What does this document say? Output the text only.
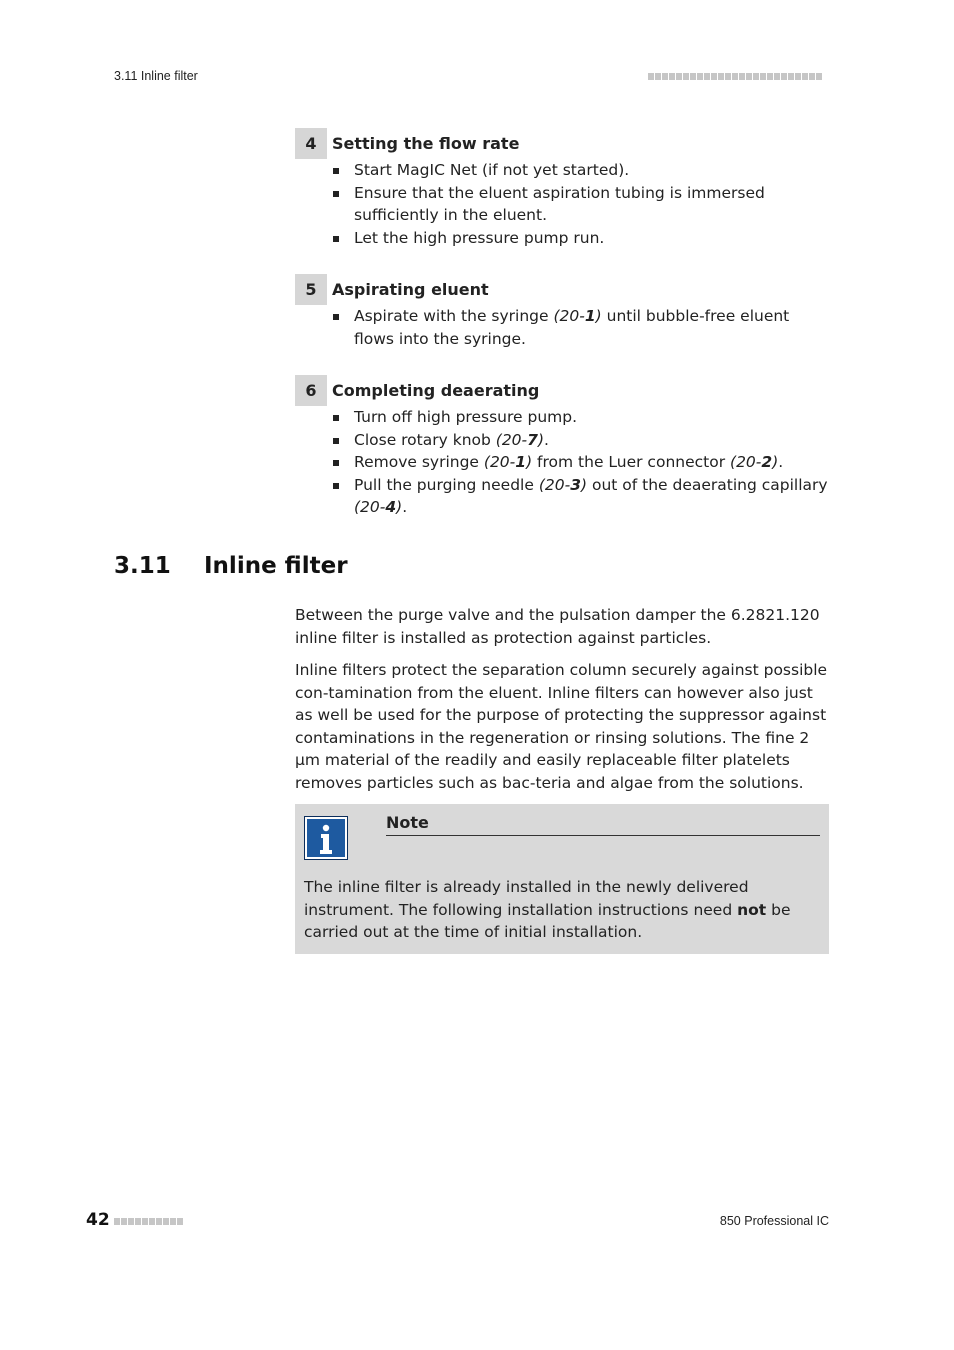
3.11 Inline filter
4 Setting the flow rate
Start MagIC Net (if not yet started).
Ensure that the eluent aspiration tubing is immersed sufficiently in the eluent.
Let the high pressure pump run.
5 Aspirating eluent
Aspirate with the syringe (20-1) until bubble-free eluent flows into the syringe.
6 Completing deaerating
Turn off high pressure pump.
Close rotary knob (20-7).
Remove syringe (20-1) from the Luer connector (20-2).
Pull the purging needle (20-3) out of the deaerating capillary (20-4).
3.11 Inline filter

Between the purge valve and the pulsation damper the 6.2821.120 inline filter is installed as protection against particles.

Inline filters protect the separation column securely against possible con-tamination from the eluent. Inline filters can however also just as well be used for the purpose of protecting the suppressor against contaminations in the regeneration or rinsing solutions. The fine 2 µm material of the readily and easily replaceable filter platelets removes particles such as bac-teria and algae from the solutions.

Note
The inline filter is already installed in the newly delivered instrument. The following installation instructions need not be carried out at the time of initial installation.
42	850 Professional IC
